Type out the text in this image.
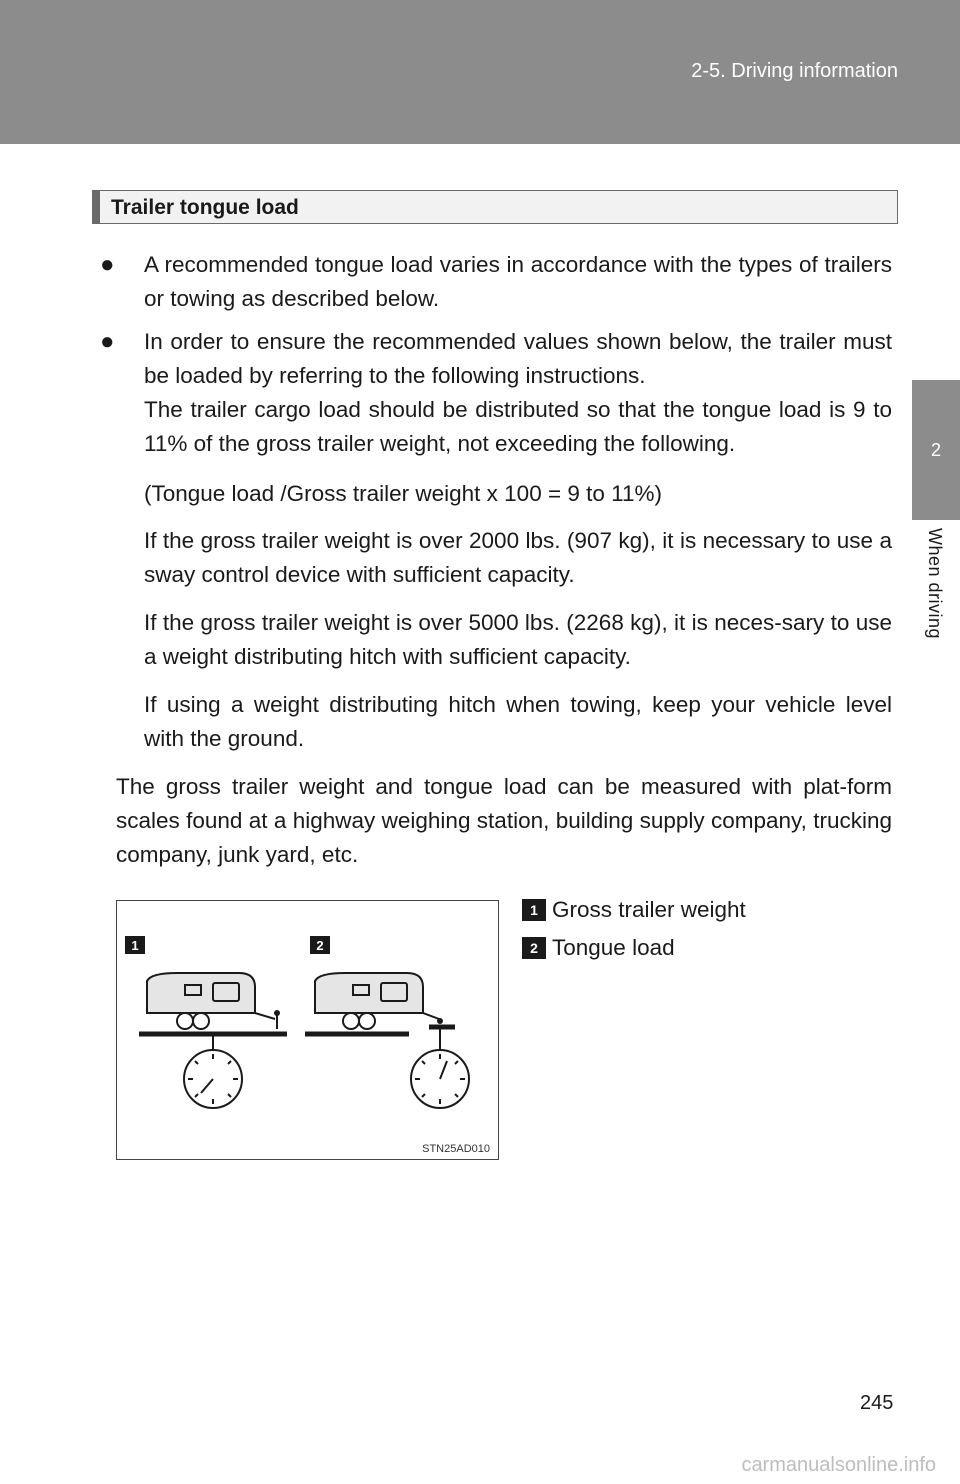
2-5. Driving information
2
When driving
Trailer tongue load
● A recommended tongue load varies in accordance with the types of trailers or towing as described below.

● In order to ensure the recommended values shown below, the trailer must be loaded by referring to the following instructions.

The trailer cargo load should be distributed so that the tongue load is 9 to 11% of the gross trailer weight, not exceeding the following.

(Tongue load /Gross trailer weight x 100 = 9 to 11%)

If the gross trailer weight is over 2000 lbs. (907 kg), it is necessary to use a sway control device with sufficient capacity.

If the gross trailer weight is over 5000 lbs. (2268 kg), it is neces-sary to use a weight distributing hitch with sufficient capacity.

If using a weight distributing hitch when towing, keep your vehicle level with the ground.

The gross trailer weight and tongue load can be measured with plat-form scales found at a highway weighing station, building supply company, trucking company, junk yard, etc.

1	2
STN25AD010
1 Gross trailer weight
2 Tongue load
245
carmanualsonline.info
